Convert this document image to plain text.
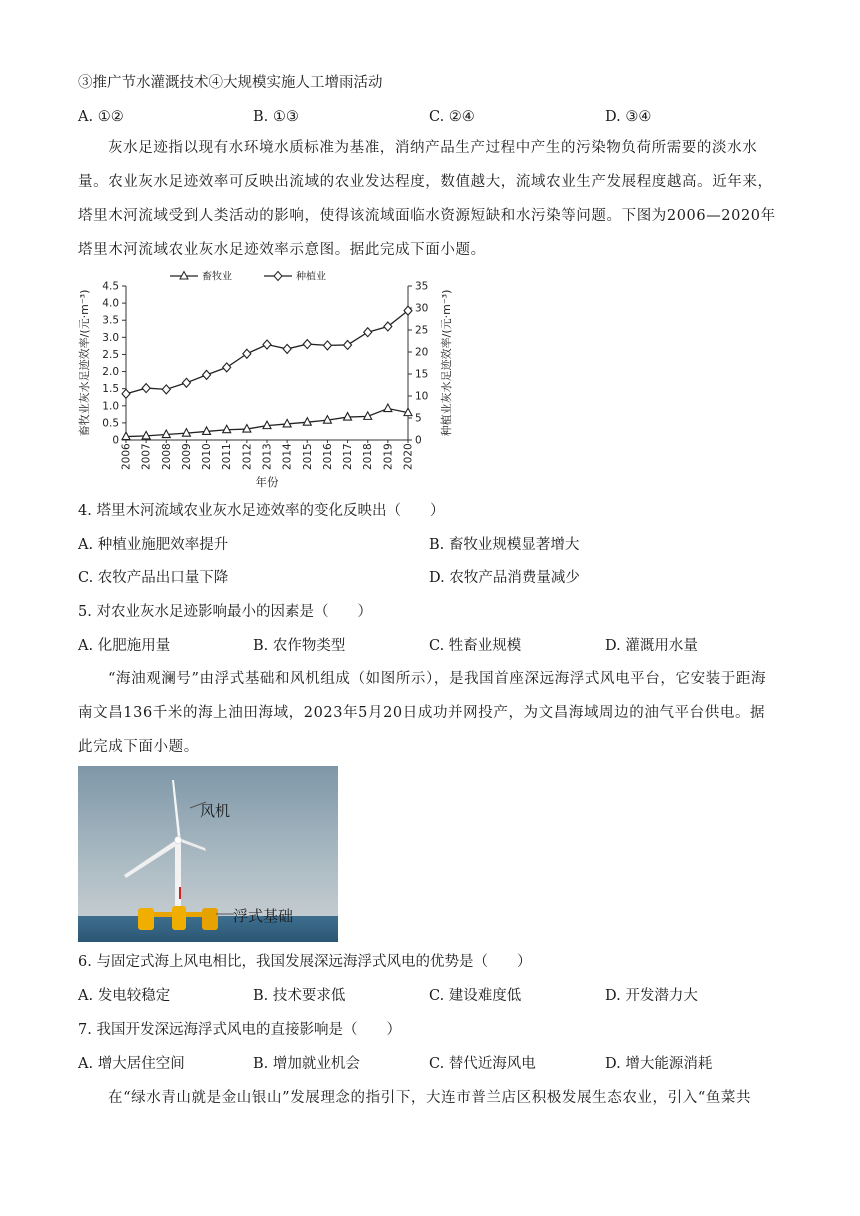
③推广节水灌溉技术④大规模实施人工增雨活动
A. ①②	B. ①③	C. ②④	D. ③④
灰水足迹指以现有水环境水质标准为基准，消纳产品生产过程中产生的污染物负荷所需要的淡水水量。农业灰水足迹效率可反映出流域的农业发达程度，数值越大，流域农业生产发展程度越高。近年来，塔里木河流域受到人类活动的影响，使得该流域面临水资源短缺和水污染等问题。下图为2006—2020年塔里木河流域农业灰水足迹效率示意图。据此完成下面小题。
0
0.5
1.0
1.5
2.0
2.5
3.0
3.5
4.0
4.5
0
5
10
15
20
25
30
35
2006 2007 2008 2009 2010 2011 2012 2013 2014 2015 2016 2017 2018 2019 2020
年份
畜牧业灰水足迹效率/(元·m⁻³)	种植业灰水足迹效率/(元·m⁻³)
畜牧业	种植业
4. 塔里木河流域农业灰水足迹效率的变化反映出（　　）
A. 种植业施肥效率提升	B. 畜牧业规模显著增大
C. 农牧产品出口量下降	D. 农牧产品消费量减少
5. 对农业灰水足迹影响最小的因素是（　　）
A. 化肥施用量	B. 农作物类型	C. 牲畜业规模	D. 灌溉用水量
“海油观澜号”由浮式基础和风机组成（如图所示），是我国首座深远海浮式风电平台，它安装于距海南文昌136千米的海上油田海域，2023年5月20日成功并网投产，为文昌海域周边的油气平台供电。据此完成下面小题。
风机
浮式基础
6. 与固定式海上风电相比，我国发展深远海浮式风电的优势是（　　）
A. 发电较稳定	B. 技术要求低	C. 建设难度低	D. 开发潜力大
7. 我国开发深远海浮式风电的直接影响是（　　）
A. 增大居住空间	B. 增加就业机会	C. 替代近海风电	D. 增大能源消耗
在“绿水青山就是金山银山”发展理念的指引下，大连市普兰店区积极发展生态农业，引入“鱼菜共
